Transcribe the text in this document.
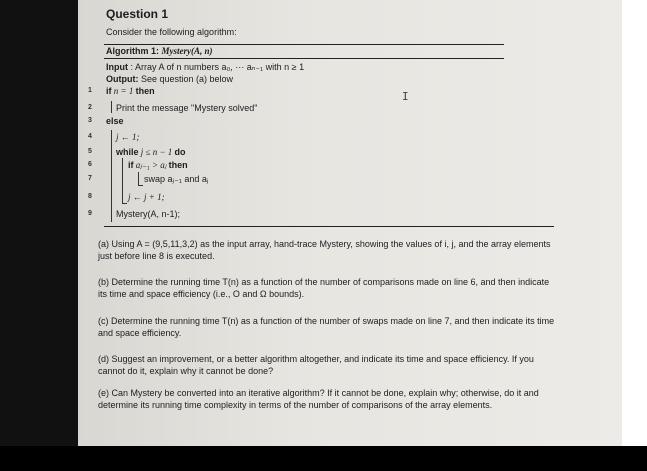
Question 1
Consider the following algorithm:
Algorithm 1: Mystery(A, n)
Input : Array A of n numbers a₀, ··· aₙ₋₁ with n ≥ 1
Output: See question (a) below
I
1
2
3
4
5
6
7
8
9
if n = 1 then
Print the message "Mystery solved"
else
j ← 1;
while j ≤ n − 1 do
if aⱼ₋₁ > aⱼ then
swap aⱼ₋₁ and aⱼ
j ← j + 1;
Mystery(A, n-1);
(a) Using A = (9,5,11,3,2) as the input array, hand-trace Mystery, showing the values of i, j, and the array elements just before line 8 is executed.
(b) Determine the running time T(n) as a function of the number of comparisons made on line 6, and then indicate its time and space efficiency (i.e., O and Ω bounds).
(c) Determine the running time T(n) as a function of the number of swaps made on line 7, and then indicate its time and space efficiency.
(d) Suggest an improvement, or a better algorithm altogether, and indicate its time and space efficiency. If you cannot do it, explain why it cannot be done?
(e) Can Mystery be converted into an iterative algorithm? If it cannot be done, explain why; otherwise, do it and determine its running time complexity in terms of the number of comparisons of the array elements.
